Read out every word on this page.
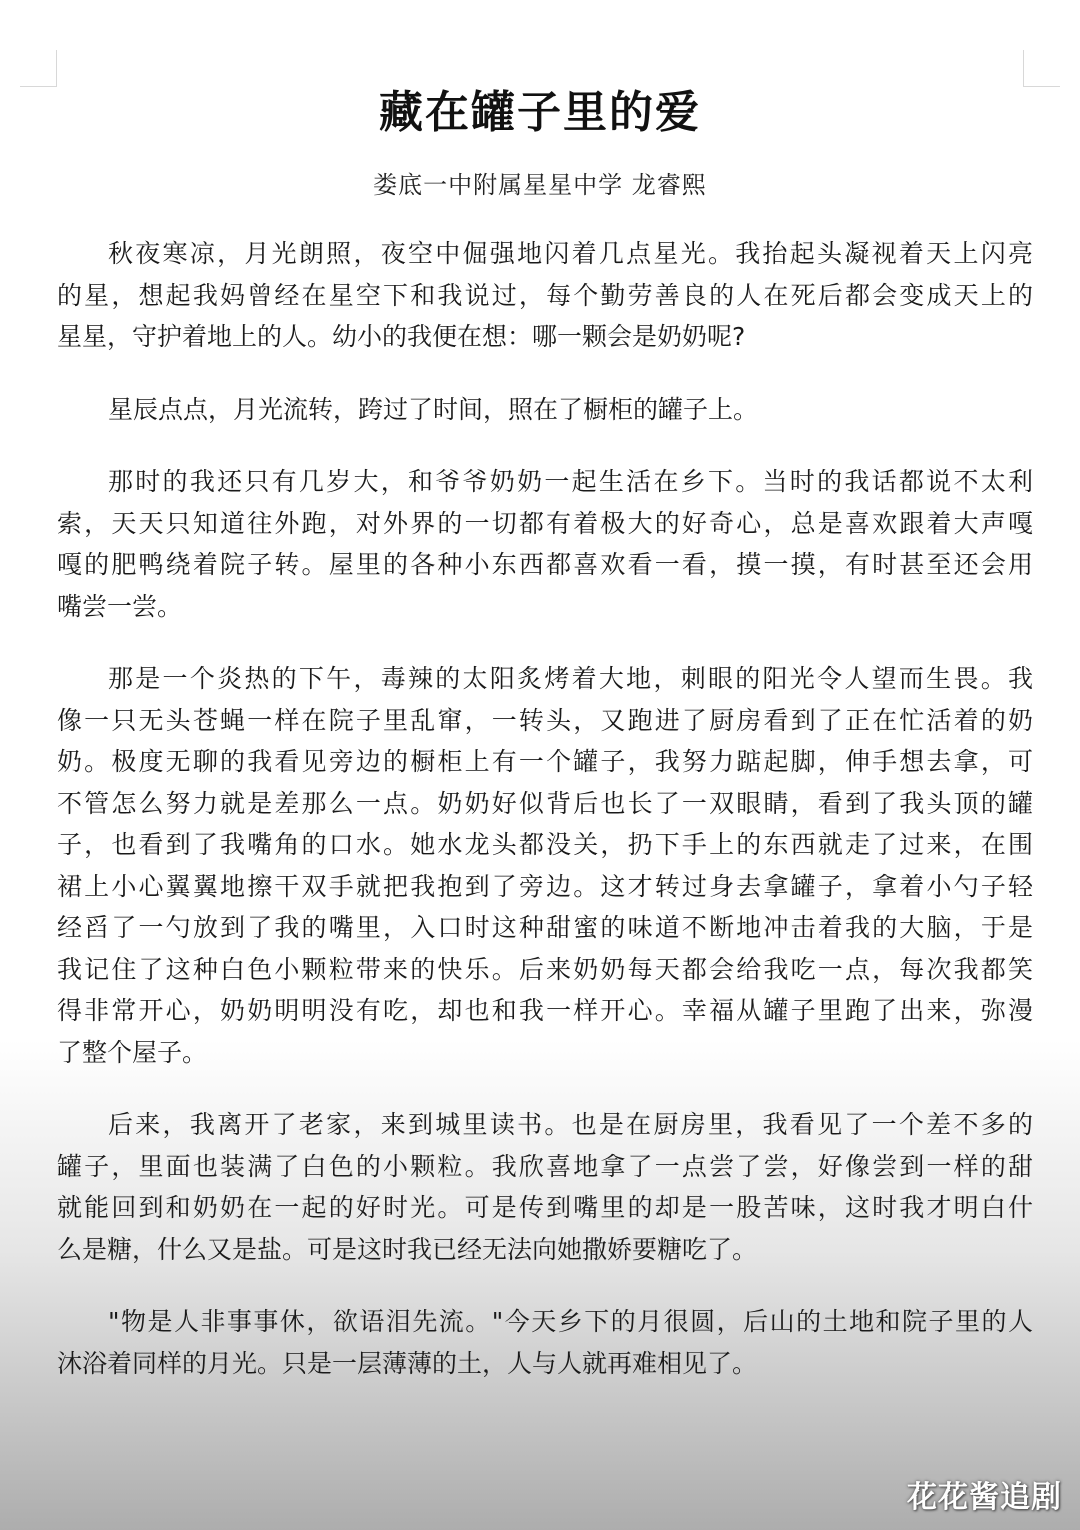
藏在罐子里的爱
娄底一中附属星星中学 龙睿熙
秋夜寒凉，月光朗照，夜空中倔强地闪着几点星光。我抬起头凝视着天上闪亮
的星，想起我妈曾经在星空下和我说过，每个勤劳善良的人在死后都会变成天上的
星星，守护着地上的人。幼小的我便在想：哪一颗会是奶奶呢?
星辰点点，月光流转，跨过了时间，照在了橱柜的罐子上。
那时的我还只有几岁大，和爷爷奶奶一起生活在乡下。当时的我话都说不太利
索，天天只知道往外跑，对外界的一切都有着极大的好奇心，总是喜欢跟着大声嘎
嘎的肥鸭绕着院子转。屋里的各种小东西都喜欢看一看，摸一摸，有时甚至还会用
嘴尝一尝。
那是一个炎热的下午，毒辣的太阳炙烤着大地，刺眼的阳光令人望而生畏。我
像一只无头苍蝇一样在院子里乱窜，一转头，又跑进了厨房看到了正在忙活着的奶
奶。极度无聊的我看见旁边的橱柜上有一个罐子，我努力踮起脚，伸手想去拿，可
不管怎么努力就是差那么一点。奶奶好似背后也长了一双眼睛，看到了我头顶的罐
子，也看到了我嘴角的口水。她水龙头都没关，扔下手上的东西就走了过来，在围
裙上小心翼翼地擦干双手就把我抱到了旁边。这才转过身去拿罐子，拿着小勺子轻
经舀了一勺放到了我的嘴里，入口时这种甜蜜的味道不断地冲击着我的大脑，于是
我记住了这种白色小颗粒带来的快乐。后来奶奶每天都会给我吃一点，每次我都笑
得非常开心，奶奶明明没有吃，却也和我一样开心。幸福从罐子里跑了出来，弥漫
了整个屋子。
后来，我离开了老家，来到城里读书。也是在厨房里，我看见了一个差不多的
罐子，里面也装满了白色的小颗粒。我欣喜地拿了一点尝了尝，好像尝到一样的甜
就能回到和奶奶在一起的好时光。可是传到嘴里的却是一股苦味，这时我才明白什
么是糖，什么又是盐。可是这时我已经无法向她撒娇要糖吃了。
"物是人非事事休，欲语泪先流。"今天乡下的月很圆，后山的土地和院子里的人
沐浴着同样的月光。只是一层薄薄的土，人与人就再难相见了。
花花酱追剧
